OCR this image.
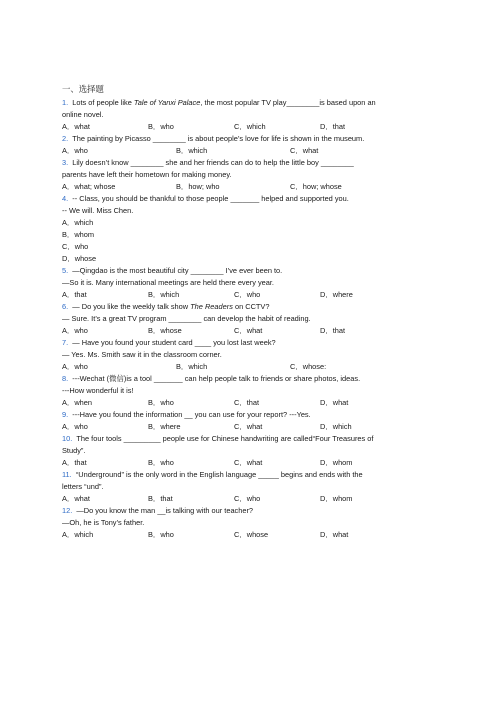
一、选择题
1. Lots of people like Tale of Yanxi Palace, the most popular TV play________is based upon an
online novel.
A．what	B．who	C．which	D．that
2. The painting by Picasso ________ is about people’s love for life is shown in the museum.
A．who	B．which	C．what
3. Lily doesn’t know ________ she and her friends can do to help the little boy ________
parents have left their hometown for making money.
A．what; whose	B．how; who	C．how; whose
4. -- Class, you should be thankful to those people _______ helped and supported you.
-- We will. Miss Chen.
A．which
B．whom
C．who
D．whose
5. —Qingdao is the most beautiful city ________ I’ve ever been to.
—So it is. Many international meetings are held there every year.
A．that	B．which	C．who	D．where
6. — Do you like the weekly talk show The Readers on CCTV?
— Sure. It’s a great TV program ________ can develop the habit of reading.
A．who	B．whose	C．what	D．that
7. — Have you found your student card ____ you lost last week?
— Yes. Ms. Smith saw it in the classroom corner.
A．who	B．which	C．whose:
8. ---Wechat (微信)is a tool _______ can help people talk to friends or share photos, ideas.
---How wonderful it is!
A．when	B．who	C．that	D．what
9. ---Have you found the information __ you can use for your report? ---Yes.
A．who	B．where	C．what	D．which
10. The four tools _________ people use for Chinese handwriting are called“Four Treasures of
Study”.
A．that	B．who	C．what	D．whom
11. “Underground” is the only word in the English language _____ begins and ends with the
letters “und”.
A．what	B．that	C．who	D．whom
12. —Do you know the man __is talking with our teacher?
—Oh, he is Tony’s father.
A．which	B．who	C．whose	D．what
